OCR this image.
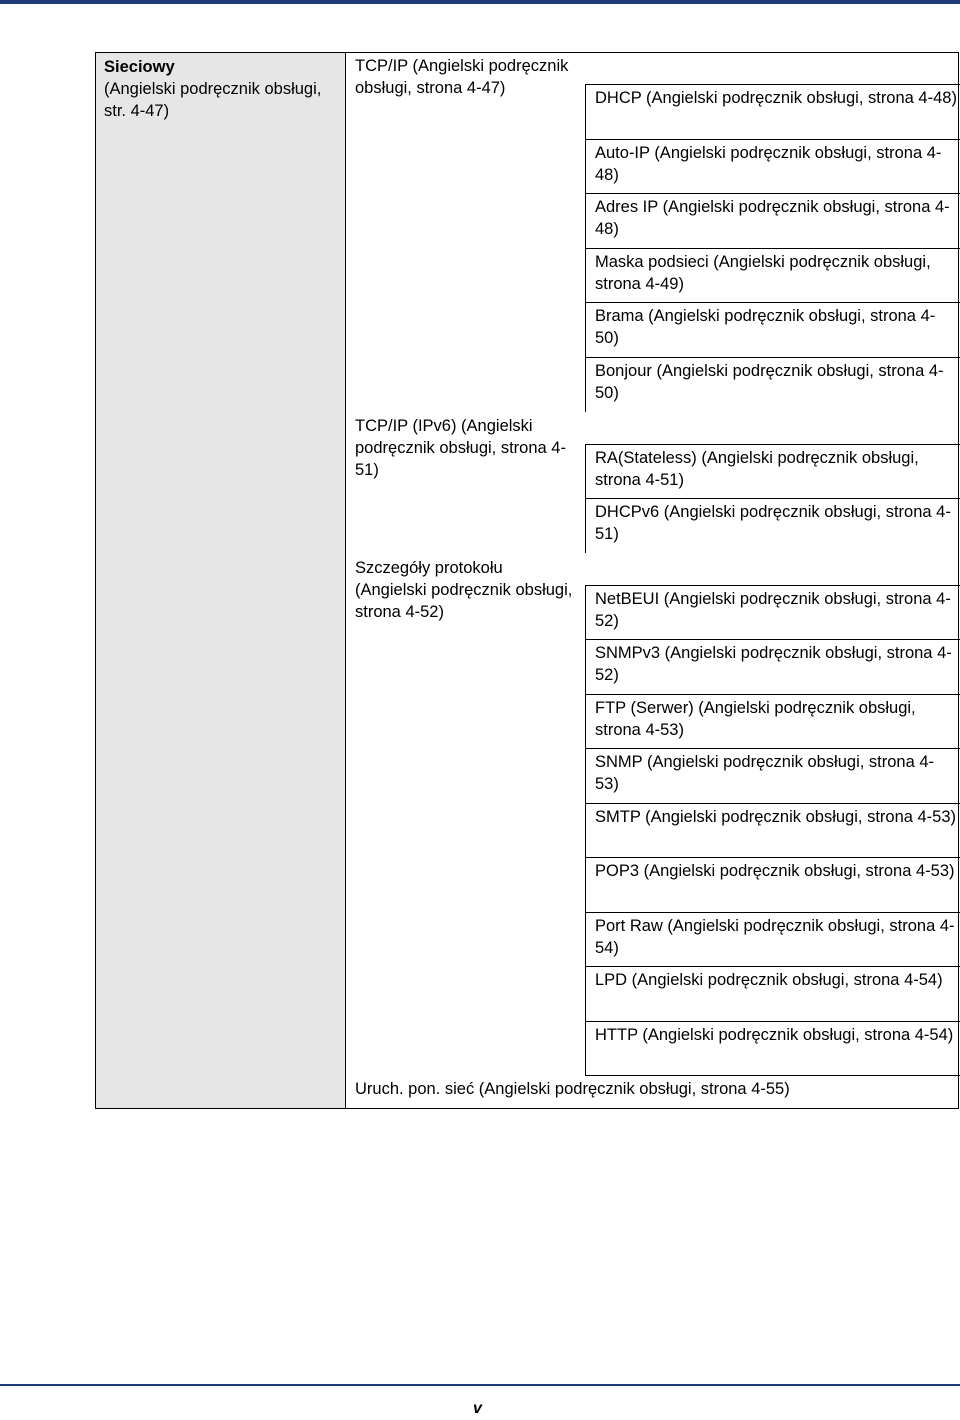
Sieciowy
(Angielski podręcznik obsługi, str. 4-47)
TCP/IP (Angielski podręcznik obsługi, strona 4-47)
TCP/IP (IPv6) (Angielski podręcznik obsługi, strona 4-51)
Szczegóły protokołu (Angielski podręcznik obsługi, strona 4-52)
DHCP (Angielski podręcznik obsługi, strona 4-48)
Auto-IP (Angielski podręcznik obsługi, strona 4-48)
Adres IP (Angielski podręcznik obsługi, strona 4-48)
Maska podsieci (Angielski podręcznik obsługi, strona 4-49)
Brama (Angielski podręcznik obsługi, strona 4-50)
Bonjour (Angielski podręcznik obsługi, strona 4-50)
RA(Stateless) (Angielski podręcznik obsługi, strona 4-51)
DHCPv6 (Angielski podręcznik obsługi, strona 4-51)
NetBEUI (Angielski podręcznik obsługi, strona 4-52)
SNMPv3 (Angielski podręcznik obsługi, strona 4-52)
FTP (Serwer) (Angielski podręcznik obsługi, strona 4-53)
SNMP (Angielski podręcznik obsługi, strona 4-53)
SMTP (Angielski podręcznik obsługi, strona 4-53)
POP3 (Angielski podręcznik obsługi, strona 4-53)
Port Raw (Angielski podręcznik obsługi, strona 4-54)
LPD (Angielski podręcznik obsługi, strona 4-54)
HTTP (Angielski podręcznik obsługi, strona 4-54)
Uruch. pon. sieć (Angielski podręcznik obsługi, strona 4-55)
v
